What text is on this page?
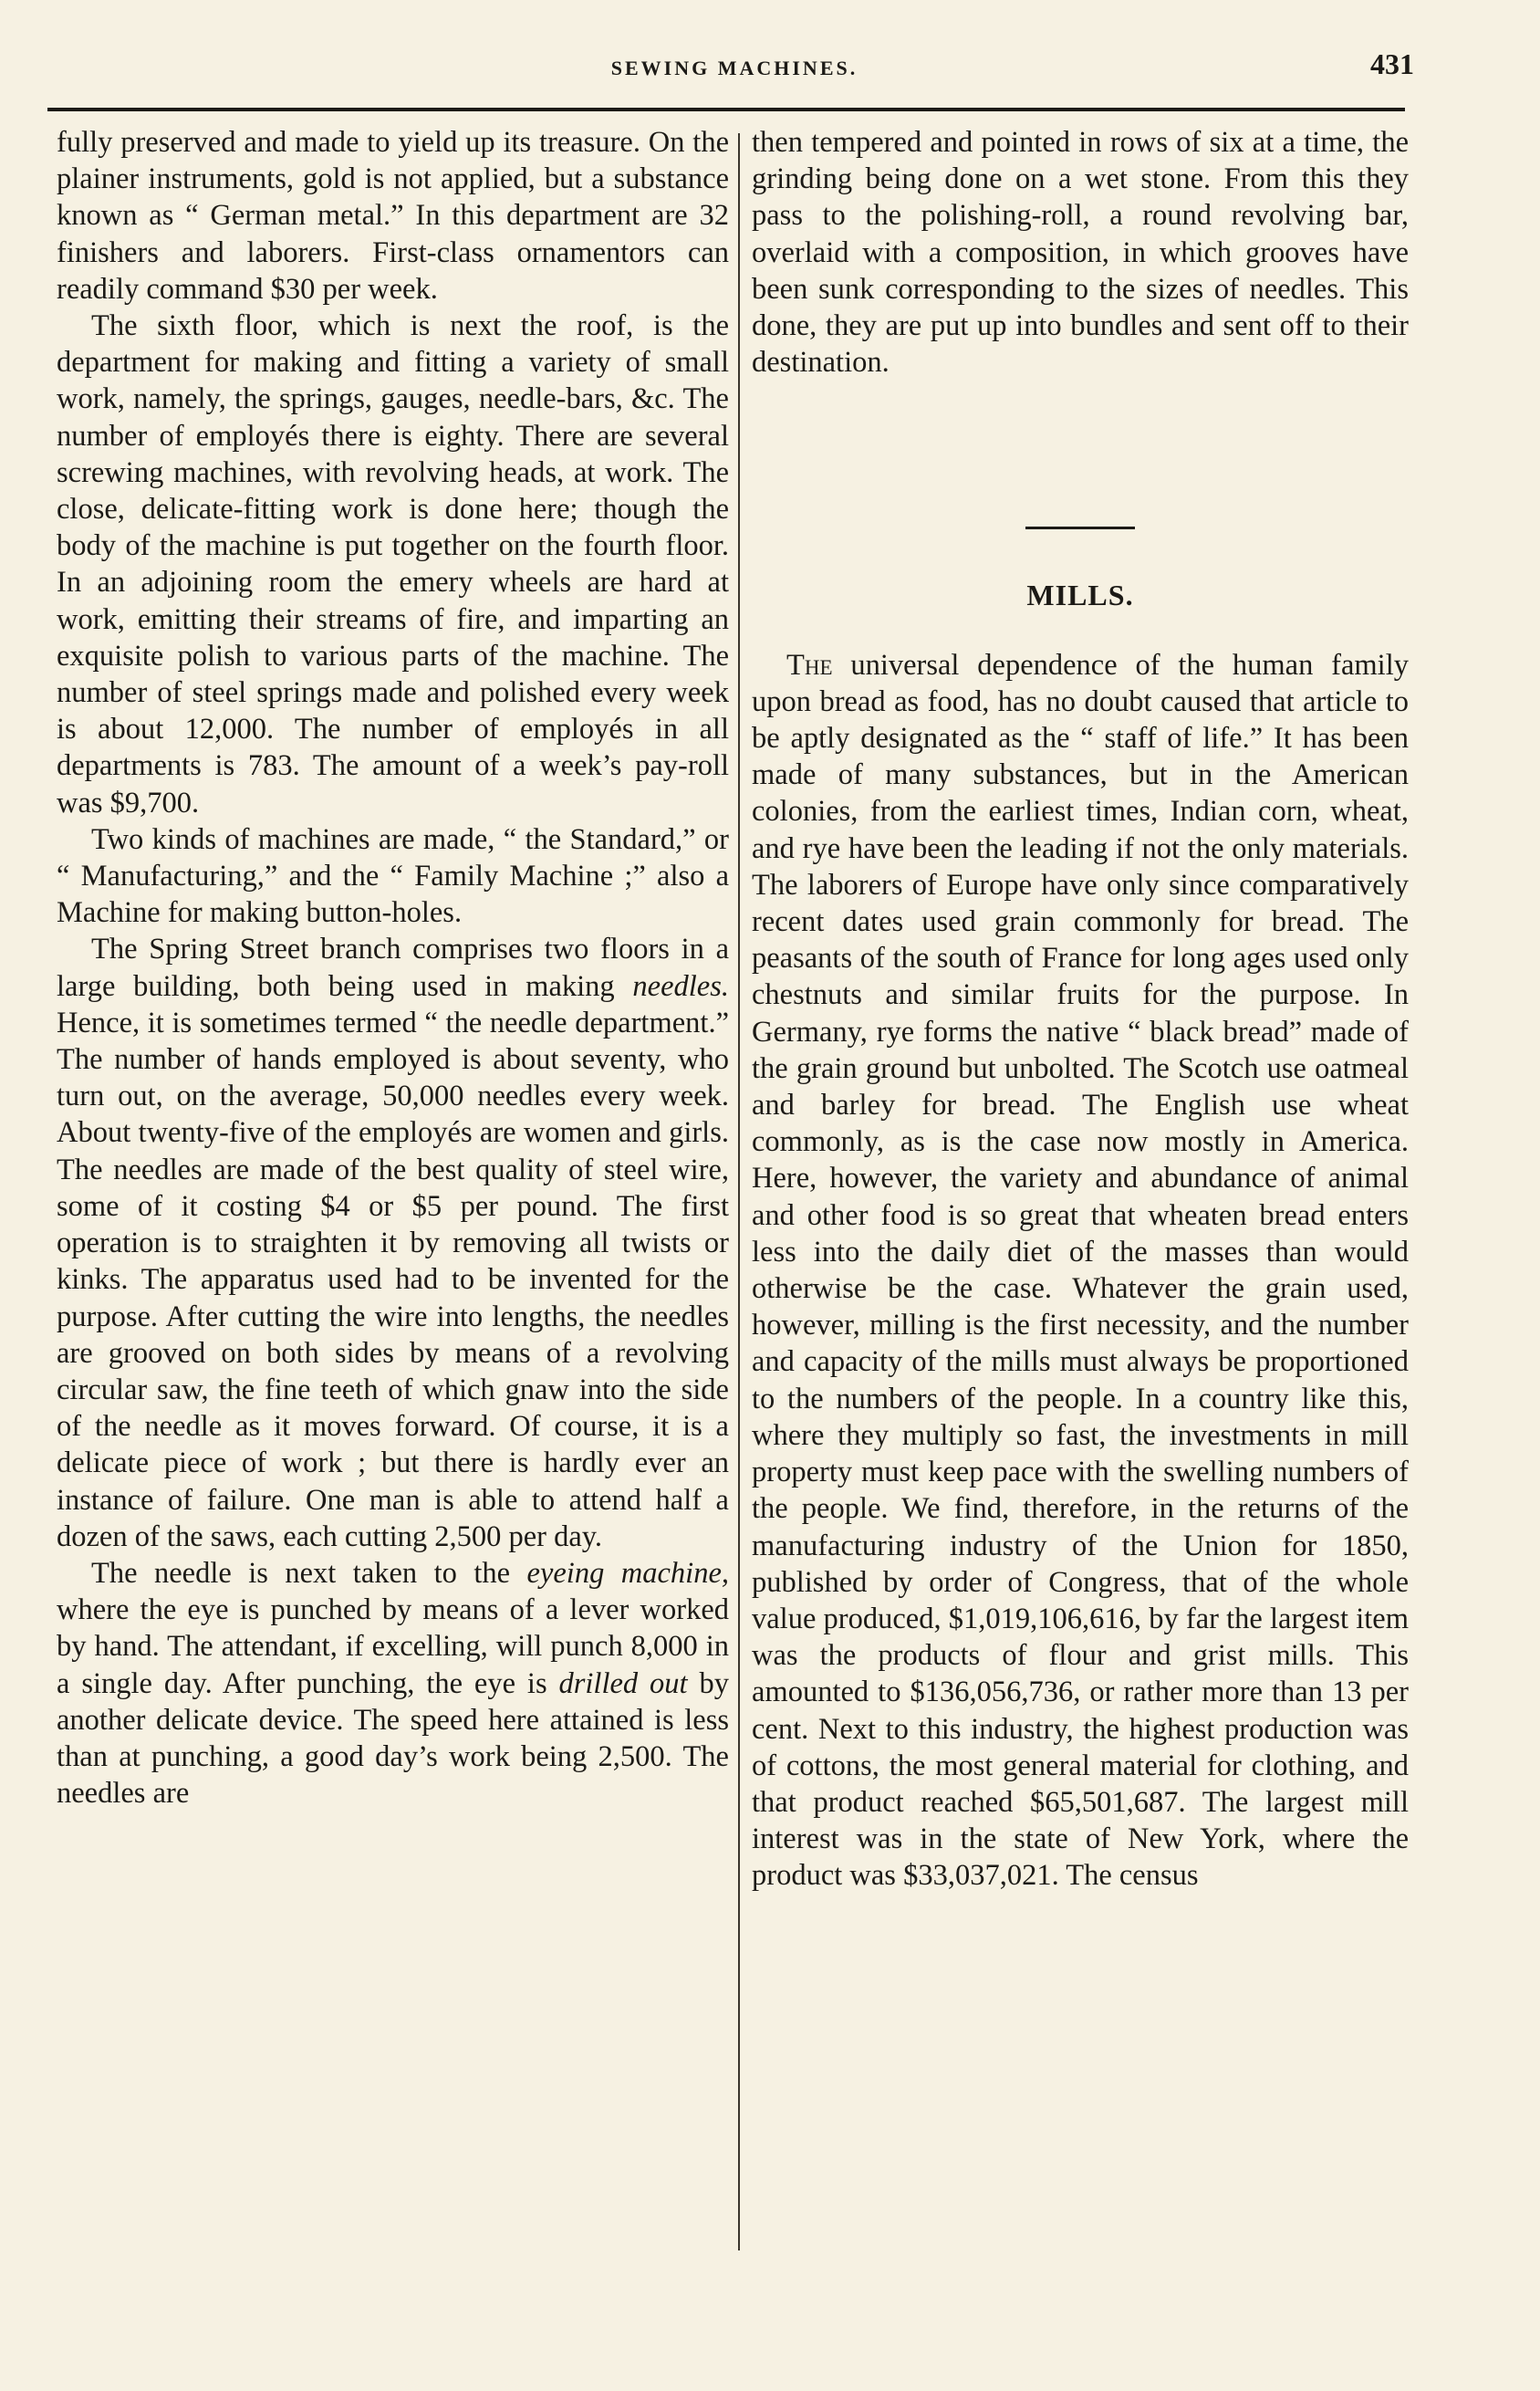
SEWING MACHINES.	431

fully preserved and made to yield up its treasure. On the plainer instruments, gold is not applied, but a substance known as “ German metal.” In this department are 32 finishers and laborers. First-class ornamentors can readily command $30 per week.

The sixth floor, which is next the roof, is the department for making and fitting a variety of small work, namely, the springs, gauges, needle-bars, &c. The number of employés there is eighty. There are several screwing machines, with revolving heads, at work. The close, delicate-fitting work is done here; though the body of the machine is put together on the fourth floor. In an adjoining room the emery wheels are hard at work, emitting their streams of fire, and imparting an exquisite polish to various parts of the machine. The number of steel springs made and polished every week is about 12,000. The number of employés in all departments is 783. The amount of a week’s pay-roll was $9,700.

Two kinds of machines are made, “ the Standard,” or “ Manufacturing,” and the “ Family Machine ;” also a Machine for making button-holes.

The Spring Street branch comprises two floors in a large building, both being used in making needles. Hence, it is sometimes termed “ the needle department.” The number of hands employed is about seventy, who turn out, on the average, 50,000 needles every week. About twenty-five of the employés are women and girls. The needles are made of the best quality of steel wire, some of it costing $4 or $5 per pound. The first operation is to straighten it by removing all twists or kinks. The apparatus used had to be invented for the purpose. After cutting the wire into lengths, the needles are grooved on both sides by means of a revolving circular saw, the fine teeth of which gnaw into the side of the needle as it moves forward. Of course, it is a delicate piece of work ; but there is hardly ever an instance of failure. One man is able to attend half a dozen of the saws, each cutting 2,500 per day.

The needle is next taken to the eyeing machine, where the eye is punched by means of a lever worked by hand. The attendant, if excelling, will punch 8,000 in a single day. After punching, the eye is drilled out by another delicate device. The speed here attained is less than at punching, a good day’s work being 2,500. The needles are

then tempered and pointed in rows of six at a time, the grinding being done on a wet stone. From this they pass to the polishing-roll, a round revolving bar, overlaid with a composition, in which grooves have been sunk corresponding to the sizes of needles. This done, they are put up into bundles and sent off to their destination.

MILLS.

The universal dependence of the human family upon bread as food, has no doubt caused that article to be aptly designated as the “ staff of life.” It has been made of many substances, but in the American colonies, from the earliest times, Indian corn, wheat, and rye have been the leading if not the only materials. The laborers of Europe have only since comparatively recent dates used grain commonly for bread. The peasants of the south of France for long ages used only chestnuts and similar fruits for the purpose. In Germany, rye forms the native “ black bread” made of the grain ground but unbolted. The Scotch use oatmeal and barley for bread. The English use wheat commonly, as is the case now mostly in America. Here, however, the variety and abundance of animal and other food is so great that wheaten bread enters less into the daily diet of the masses than would otherwise be the case. Whatever the grain used, however, milling is the first necessity, and the number and capacity of the mills must always be proportioned to the numbers of the people. In a country like this, where they multiply so fast, the investments in mill property must keep pace with the swelling numbers of the people. We find, therefore, in the returns of the manufacturing industry of the Union for 1850, published by order of Congress, that of the whole value produced, $1,019,106,616, by far the largest item was the products of flour and grist mills. This amounted to $136,056,736, or rather more than 13 per cent. Next to this industry, the highest production was of cottons, the most general material for clothing, and that product reached $65,501,687. The largest mill interest was in the state of New York, where the product was $33,037,021. The census
